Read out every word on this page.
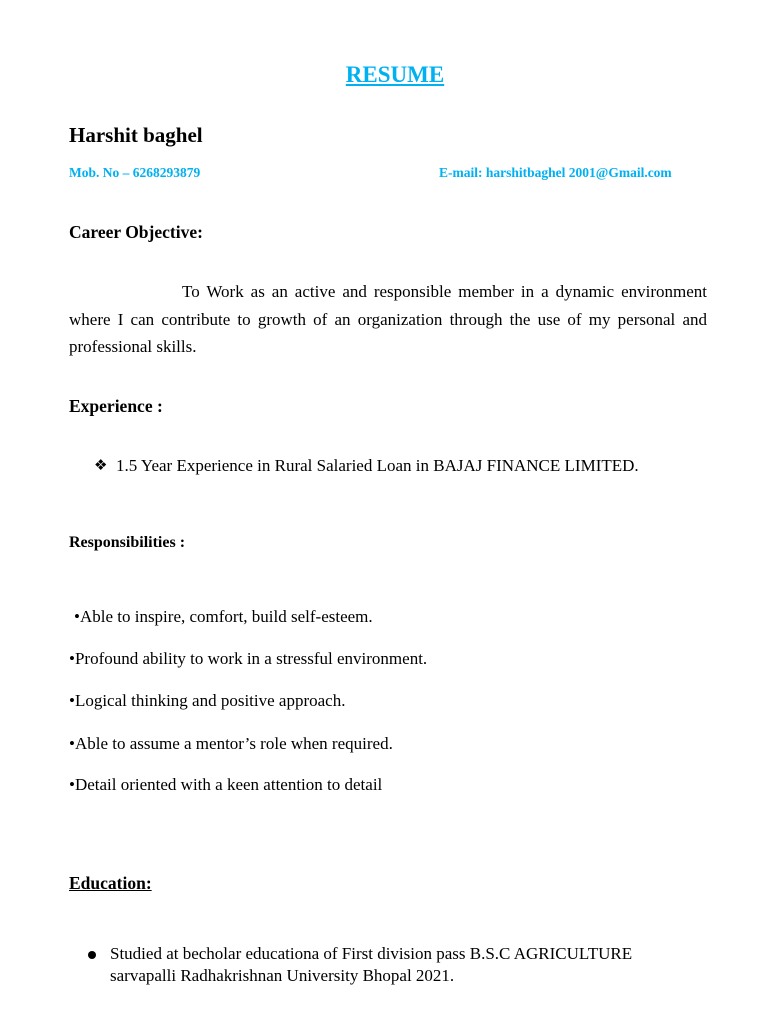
RESUME
Harshit baghel
Mob. No – 6268293879	E-mail: harshitbaghel 2001@Gmail.com
Career Objective:

To Work as an active and responsible member in a dynamic environment where I can contribute to growth of an organization through the use of my personal and professional skills.

Experience :
❖ 1.5 Year Experience in Rural Salaried Loan in BAJAJ FINANCE LIMITED.
Responsibilities :
•Able to inspire, comfort, build self-esteem.
•Profound ability to work in a stressful environment.
•Logical thinking and positive approach.
•Able to assume a mentor’s role when required.
•Detail oriented with a keen attention to detail
Education:
Studied at becholar educationa of First division pass B.S.C AGRICULTURE sarvapalli Radhakrishnan University Bhopal 2021.
